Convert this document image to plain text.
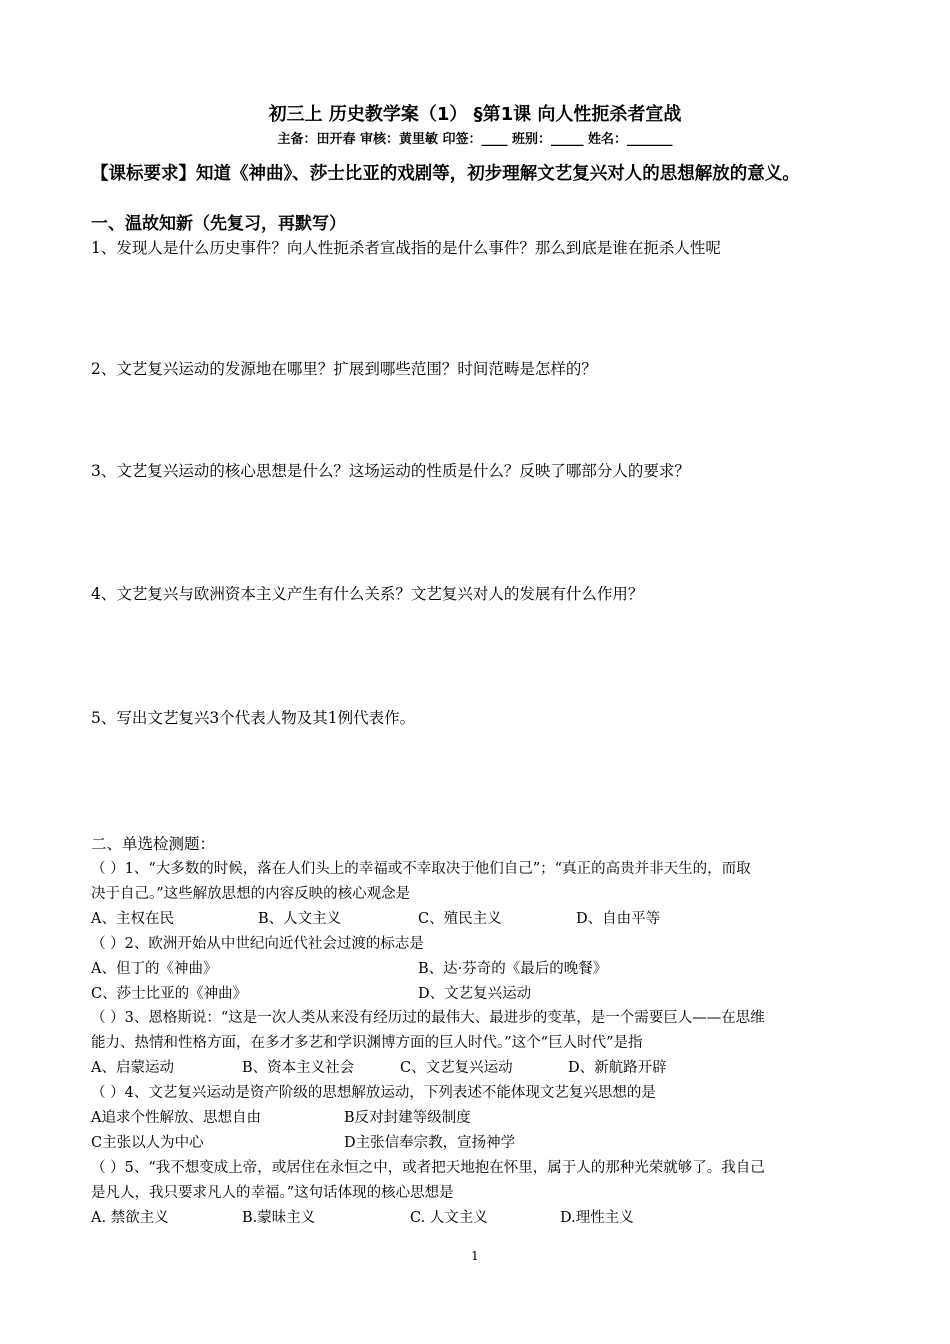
初三上 历史教学案（1） §第1课 向人性扼杀者宣战
主备：田开春 审核：黄里敏 印签：____ 班别：_____ 姓名：_______
【课标要求】知道《神曲》、莎士比亚的戏剧等，初步理解文艺复兴对人的思想解放的意义。
一、温故知新（先复习，再默写）
1、发现人是什么历史事件？向人性扼杀者宣战指的是什么事件？那么到底是谁在扼杀人性呢
2、文艺复兴运动的发源地在哪里？扩展到哪些范围？时间范畴是怎样的？
3、文艺复兴运动的核心思想是什么？这场运动的性质是什么？反映了哪部分人的要求？
4、文艺复兴与欧洲资本主义产生有什么关系？文艺复兴对人的发展有什么作用？
5、写出文艺复兴3个代表人物及其1例代表作。
二、单选检测题：
（ ）1、“大多数的时候，落在人们头上的幸福或不幸取决于他们自己”；“真正的高贵并非天生的，而取
决于自己。”这些解放思想的内容反映的核心观念是
A、主权在民	B、人文主义	C、殖民主义	D、自由平等
（ ）2、欧洲开始从中世纪向近代社会过渡的标志是
A、但丁的《神曲》	B、达·芬奇的《最后的晚餐》
C、莎士比亚的《神曲》	D、文艺复兴运动
（ ）3、恩格斯说：“这是一次人类从来没有经历过的最伟大、最进步的变革，是一个需要巨人——在思维
能力、热情和性格方面，在多才多艺和学识渊博方面的巨人时代。”这个“巨人时代”是指
A、启蒙运动	B、资本主义社会	C、文艺复兴运动	D、新航路开辟
（ ）4、文艺复兴运动是资产阶级的思想解放运动，下列表述不能体现文艺复兴思想的是
A追求个性解放、思想自由	B反对封建等级制度
C主张以人为中心	D主张信奉宗教，宣扬神学
（ ）5、“我不想变成上帝，或居住在永恒之中，或者把天地抱在怀里，属于人的那种光荣就够了。我自己
是凡人，我只要求凡人的幸福。”这句话体现的核心思想是
A. 禁欲主义	B.蒙昧主义	C. 人文主义	D.理性主义
1
